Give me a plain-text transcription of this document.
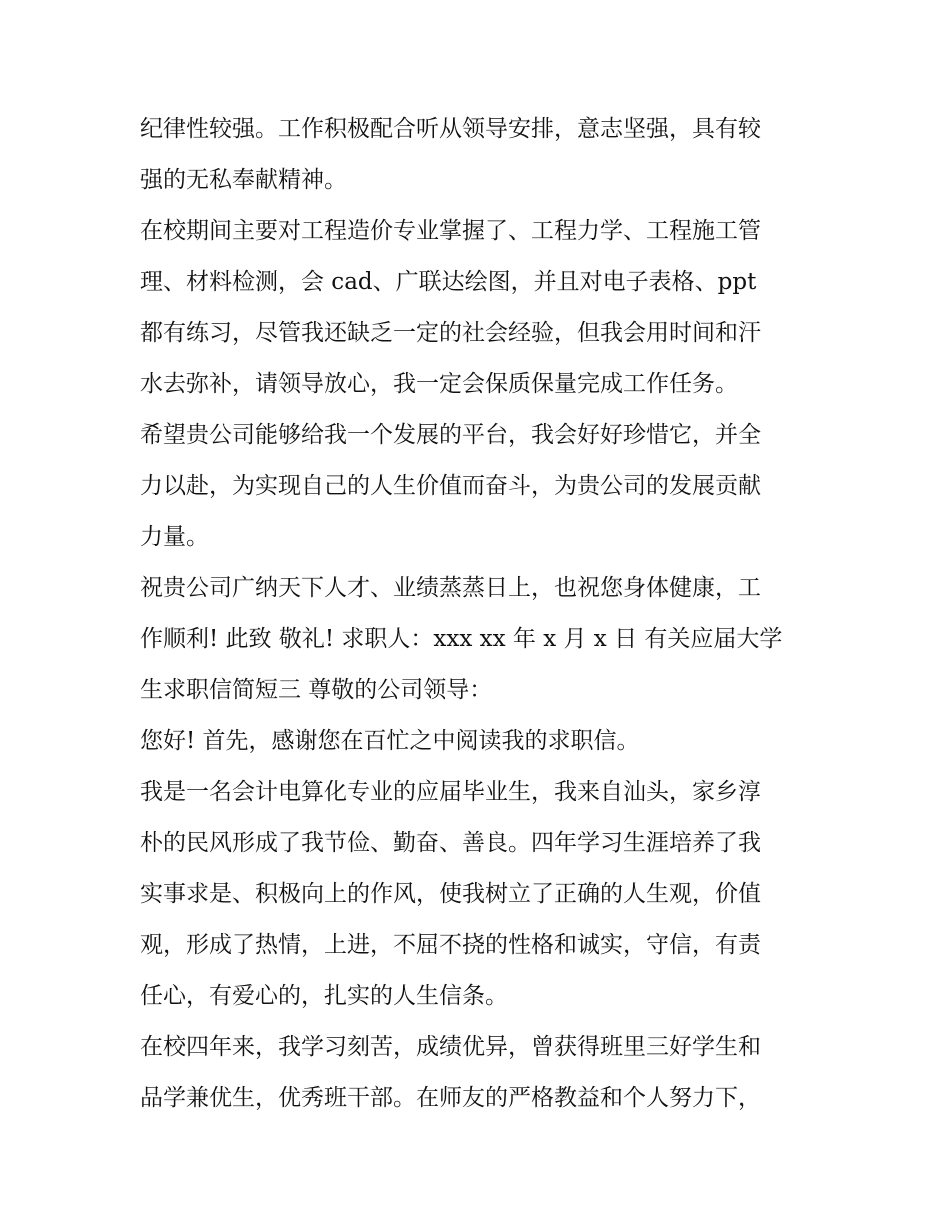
纪律性较强。工作积极配合听从领导安排，意志坚强，具有较
强的无私奉献精神。
在校期间主要对工程造价专业掌握了、工程力学、工程施工管
理、材料检测，会 cad、广联达绘图，并且对电子表格、ppt
都有练习，尽管我还缺乏一定的社会经验，但我会用时间和汗
水去弥补，请领导放心，我一定会保质保量完成工作任务。
希望贵公司能够给我一个发展的平台，我会好好珍惜它，并全
力以赴，为实现自己的人生价值而奋斗，为贵公司的发展贡献
力量。
祝贵公司广纳天下人才、业绩蒸蒸日上，也祝您身体健康，工
作顺利! 此致 敬礼! 求职人：xxx xx 年 x 月 x 日 有关应届大学
生求职信简短三 尊敬的公司领导：
您好! 首先，感谢您在百忙之中阅读我的求职信。
我是一名会计电算化专业的应届毕业生，我来自汕头，家乡淳
朴的民风形成了我节俭、勤奋、善良。四年学习生涯培养了我
实事求是、积极向上的作风，使我树立了正确的人生观，价值
观，形成了热情，上进，不屈不挠的性格和诚实，守信，有责
任心，有爱心的，扎实的人生信条。
在校四年来，我学习刻苦，成绩优异，曾获得班里三好学生和
品学兼优生，优秀班干部。在师友的严格教益和个人努力下，
